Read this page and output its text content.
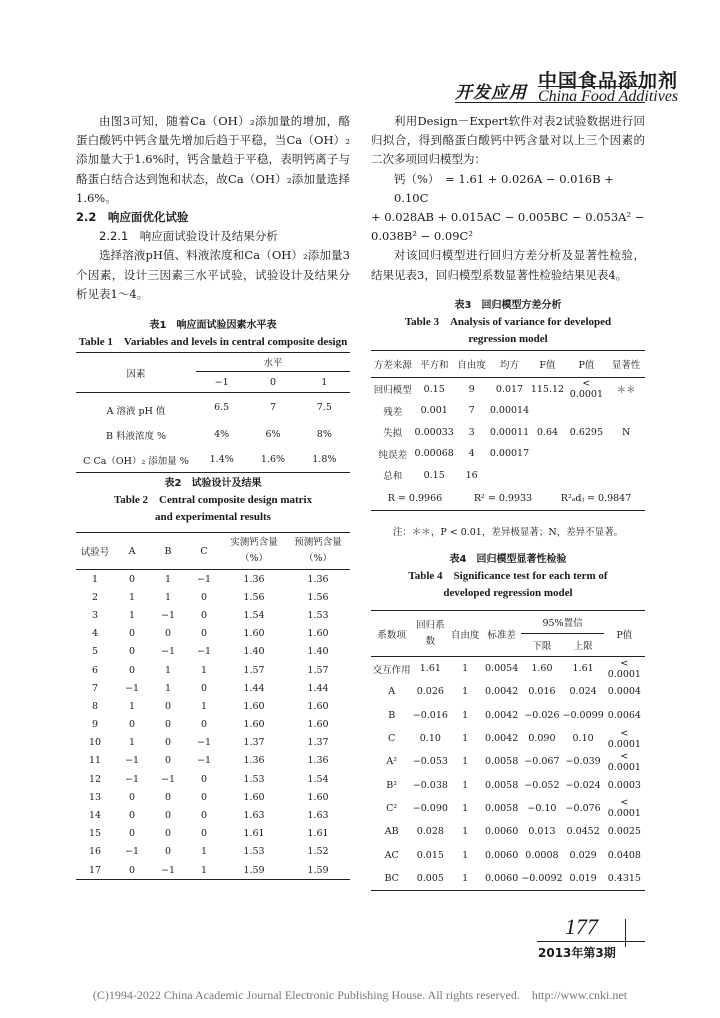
中国食品添加剂
开发应用 China Food Additives

由图3可知，随着Ca（OH）₂添加量的增加，酪蛋白酸钙中钙含量先增加后趋于平稳，当Ca（OH）₂添加量大于1.6%时，钙含量趋于平稳，表明钙离子与酪蛋白结合达到饱和状态，故Ca（OH）₂添加量选择1.6%。

2.2　响应面优化试验

2.2.1　响应面试验设计及结果分析

选择溶液pH值、料液浓度和Ca（OH）₂添加量3个因素，设计三因素三水平试验，试验设计及结果分析见表1～4。

表1　响应面试验因素水平表
Table 1　Variables and levels in central composite design
因素	水平		
	−1	0	1
A 溶液 pH 值	6.5	7	7.5
B 料液浓度 %	4%	6%	8%
C Ca（OH）₂ 添加量 %	1.4%	1.6%	1.8%
表2　试验设计及结果
Table 2　Central composite design matrix
and experimental results
试验号	A	B	C	实测钙含量（%）	预测钙含量（%）
1	0	1	−1	1.36	1.36
2	1	1	0	1.56	1.56
3	1	−1	0	1.54	1.53
4	0	0	0	1.60	1.60
5	0	−1	−1	1.40	1.40
6	0	1	1	1.57	1.57
7	−1	1	0	1.44	1.44
8	1	0	1	1.60	1.60
9	0	0	0	1.60	1.60
10	1	0	−1	1.37	1.37
11	−1	0	−1	1.36	1.36
12	−1	−1	0	1.53	1.54
13	0	0	0	1.60	1.60
14	0	0	0	1.63	1.63
15	0	0	0	1.61	1.61
16	−1	0	1	1.53	1.52
17	0	−1	1	1.59	1.59

利用Design－Expert软件对表2试验数据进行回归拟合，得到酪蛋白酸钙中钙含量对以上三个因素的二次多项回归模型为：

钙（%）　= 1.61 + 0.026A − 0.016B + 0.10C
+ 0.028AB + 0.015AC − 0.005BC − 0.053A² −
0.038B² − 0.09C²

对该回归模型进行回归方差分析及显著性检验，结果见表3，回归模型系数显著性检验结果见表4。

表3　回归模型方差分析
Table 3　Analysis of variance for developed
regression model
方差来源	平方和	自由度	均方	F值	P值	显著性
回归模型	0.15	9	0.017	115.12	< 0.0001	＊＊
残差	0.001	7	0.00014			
失拟	0.00033	3	0.00011	0.64	0.6295	N
纯误差	0.00068	4	0.00017			
总和	0.15	16				
R = 0.9966 R² = 0.9933 R²ₐdⱼ = 0.9847						
注：＊＊，P < 0.01，差异极显著；N，差异不显著。
表4　回归模型显著性检验
Table 4　Significance test for each term of
developed regression model
系数项	回归系数	自由度	标准差	95%置信		P值
				下限	上限	
交互作用	1.61	1	0.0054	1.60	1.61	< 0.0001
A	0.026	1	0.0042	0.016	0.024	0.0004
B	−0.016	1	0.0042	−0.026	−0.0099	0.0064
C	0.10	1	0.0042	0.090	0.10	< 0.0001
A²	−0.053	1	0.0058	−0.067	−0.039	< 0.0001
B²	−0.038	1	0.0058	−0.052	−0.024	0.0003
C²	−0.090	1	0.0058	−0.10	−0.076	< 0.0001
AB	0.028	1	0.0060	0.013	0.0452	0.0025
AC	0.015	1	0.0060	0.0008	0.029	0.0408
BC	0.005	1	0.0060	−0.0092	0.019	0.4315
177
2013年第3期
(C)1994-2022 China Academic Journal Electronic Publishing House. All rights reserved.　http://www.cnki.net
